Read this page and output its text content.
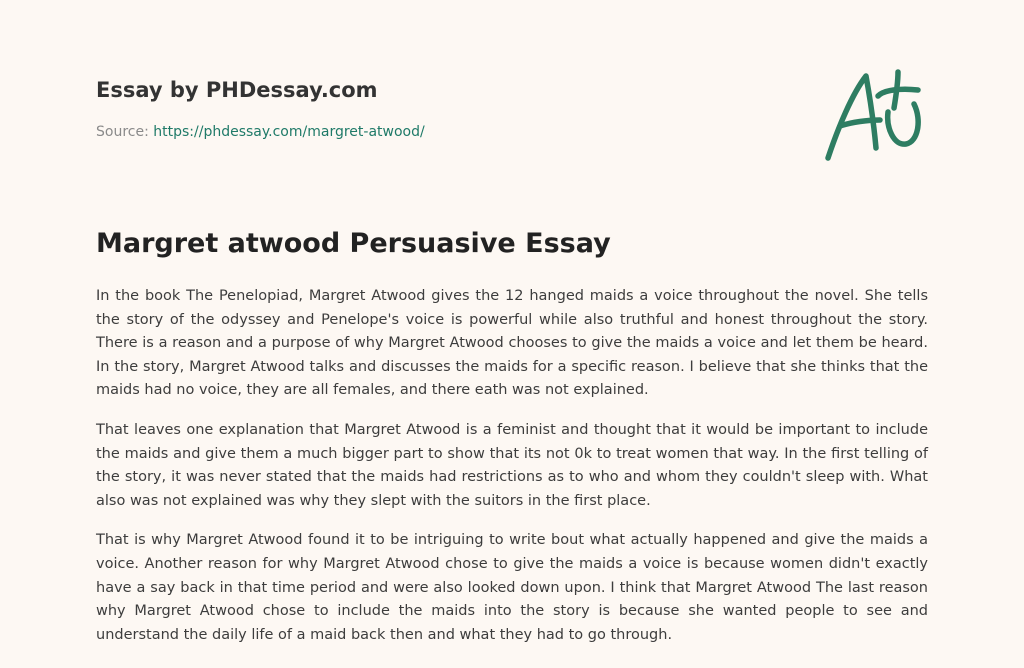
Essay by PHDessay.com
Source: https://phdessay.com/margret-atwood/
Margret atwood Persuasive Essay

In the book The Penelopiad, Margret Atwood gives the 12 hanged maids a voice throughout the novel. She tells the story of the odyssey and Penelope's voice is powerful while also truthful and honest throughout the story. There is a reason and a purpose of why Margret Atwood chooses to give the maids a voice and let them be heard. In the story, Margret Atwood talks and discusses the maids for a specific reason. I believe that she thinks that the maids had no voice, they are all females, and there eath was not explained.

That leaves one explanation that Margret Atwood is a feminist and thought that it would be important to include the maids and give them a much bigger part to show that its not 0k to treat women that way. In the first telling of the story, it was never stated that the maids had restrictions as to who and whom they couldn't sleep with. What also was not explained was why they slept with the suitors in the first place.

That is why Margret Atwood found it to be intriguing to write bout what actually happened and give the maids a voice. Another reason for why Margret Atwood chose to give the maids a voice is because women didn't exactly have a say back in that time period and were also looked down upon. I think that Margret Atwood The last reason why Margret Atwood chose to include the maids into the story is because she wanted people to see and understand the daily life of a maid back then and what they had to go through.
